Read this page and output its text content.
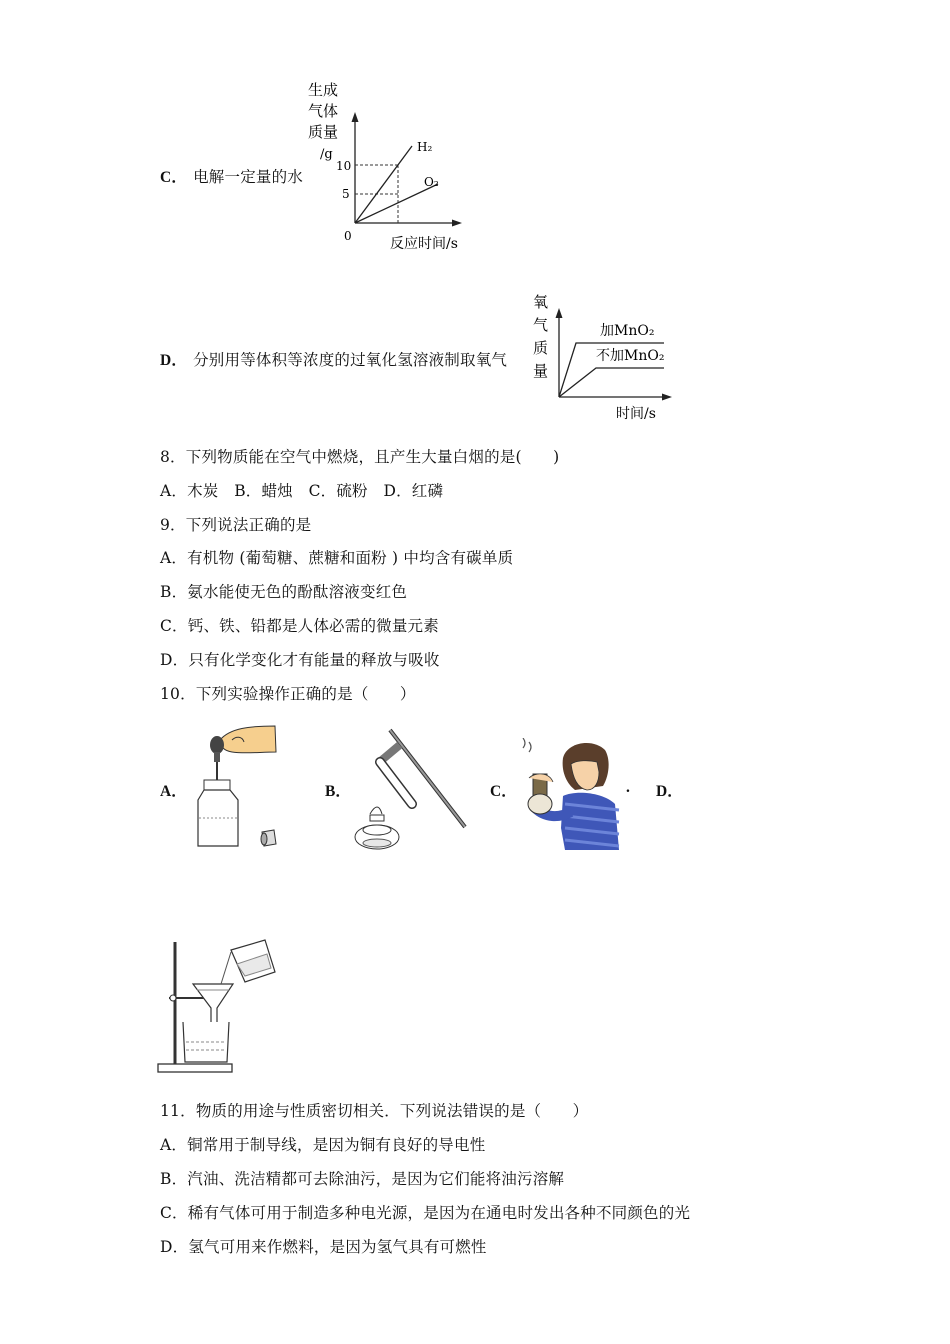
C． 电解一定量的水
生成
气体
质量
/g
0
10
5
H₂
O₂
反应时间/s
D． 分别用等体积等浓度的过氧化氢溶液制取氧气
氧
气
质
量
加MnO₂
不加MnO₂
时间/s
8．下列物质能在空气中燃烧，且产生大量白烟的是(　　)
A．木炭　B．蜡烛　C．硫粉　D．红磷
9．下列说法正确的是
A．有机物 (葡萄糖、蔗糖和面粉 ) 中均含有碳单质
B．氨水能使无色的酚酞溶液变红色
C．钙、铁、铅都是人体必需的微量元素
D．只有化学变化才有能量的释放与吸收
10．下列实验操作正确的是（　　）
A．	B．	C．	. D．
11．物质的用途与性质密切相关．下列说法错误的是（　　）
A．铜常用于制导线，是因为铜有良好的导电性
B．汽油、洗洁精都可去除油污，是因为它们能将油污溶解
C．稀有气体可用于制造多种电光源，是因为在通电时发出各种不同颜色的光
D．氢气可用来作燃料，是因为氢气具有可燃性
